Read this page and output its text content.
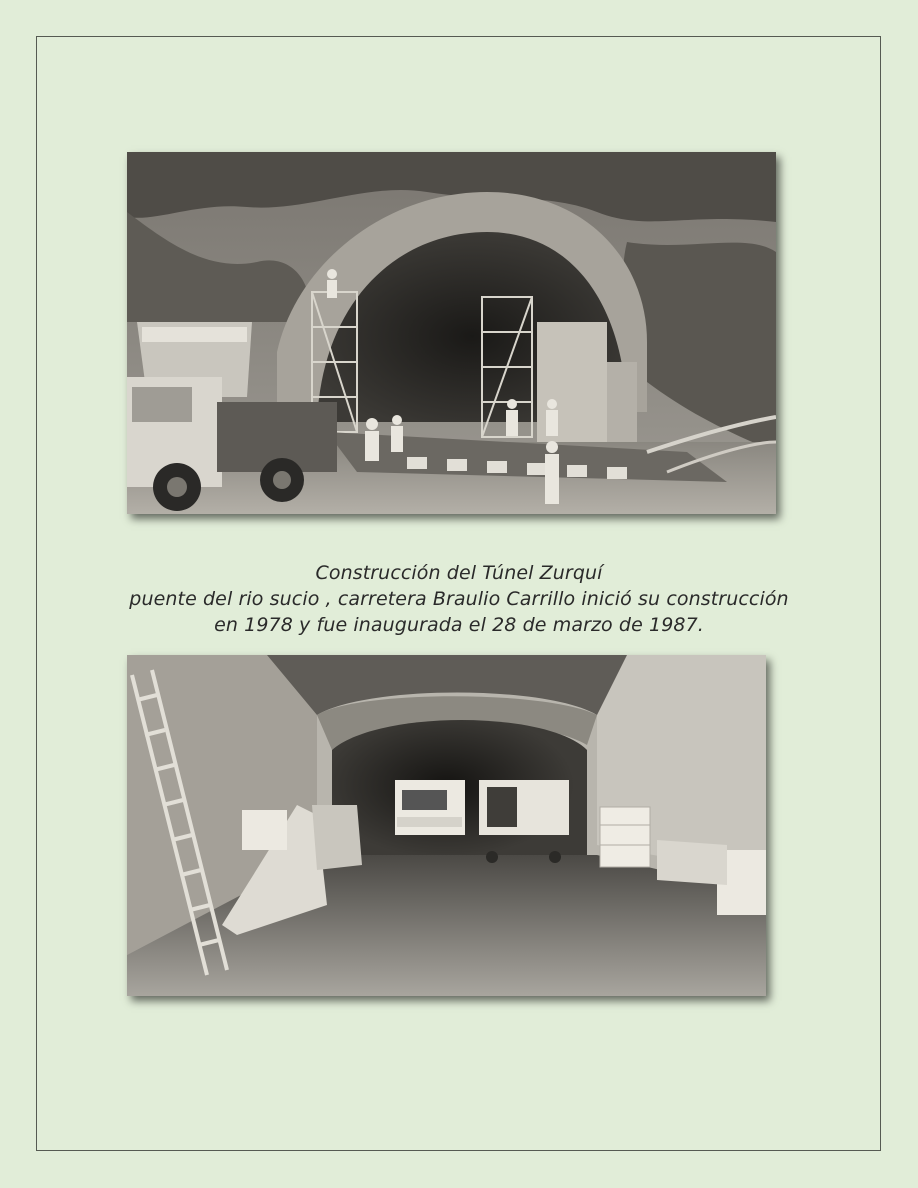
Construcción del Túnel Zurquí
puente del rio sucio , carretera Braulio Carrillo inició su construcción
en 1978 y fue inaugurada el 28 de marzo de 1987.
